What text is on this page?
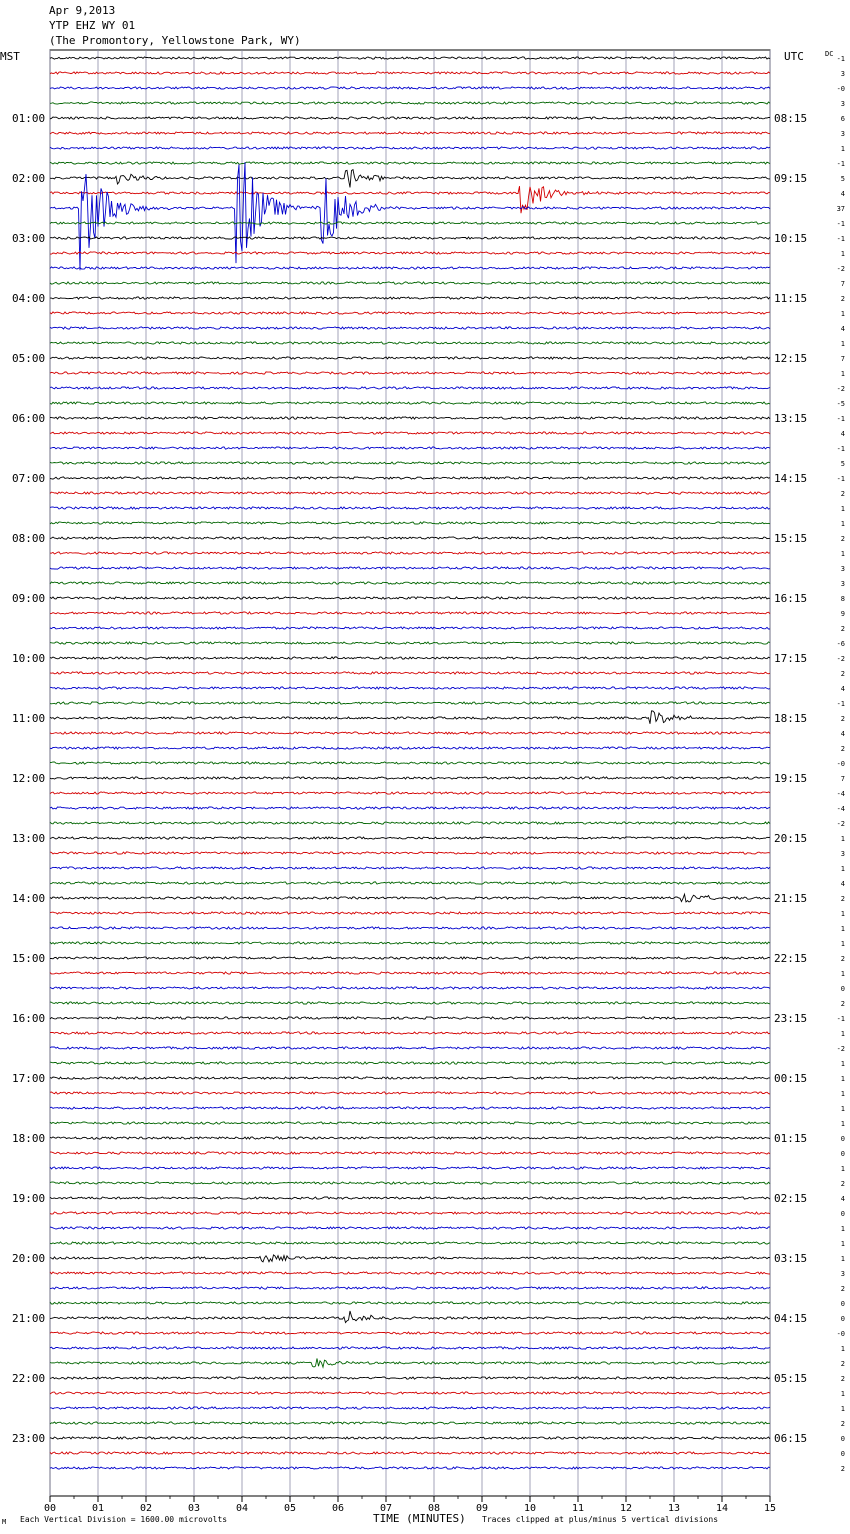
Apr 9,2013
YTP EHZ WY 01
(The Promontory, Yellowstone Park, WY)
00	01	02	03	04	05	06	07	08	09	10	11	12	13	14	15
-1
3
-0
3
6
01:00	08:15
3
1
-1
5
02:00	09:15
4
37
-1
-1
03:00	10:15
1
-2
7
2
04:00	11:15
1
4
1
7
05:00	12:15
1
-2
-5
-1
06:00	13:15
4
-1
5
-1
07:00	14:15
2
1
1
2
08:00	15:15
1
3
3
8
09:00	16:15
9
2
-6
-2
10:00	17:15
2
4
-1
2
11:00	18:15
4
2
-0
7
12:00	19:15
-4
-4
-2
1
13:00	20:15
3
1
4
2
14:00	21:15
1
1
1
2
15:00	22:15
1
0
2
-1
16:00	23:15
1
-2
1
1
17:00	00:15
1
1
1
0
18:00	01:15
0
1
2
4
19:00	02:15
0
1
1
1
20:00	03:15
3
2
0
0
21:00	04:15
-0
1
2
2
22:00	05:15
1
1
2
0
23:00	06:15
0
2
MST	UTC	DC
M Each Vertical Division = 1600.00 microvolts	TIME (MINUTES) Traces clipped at plus/minus 5 vertical divisions
